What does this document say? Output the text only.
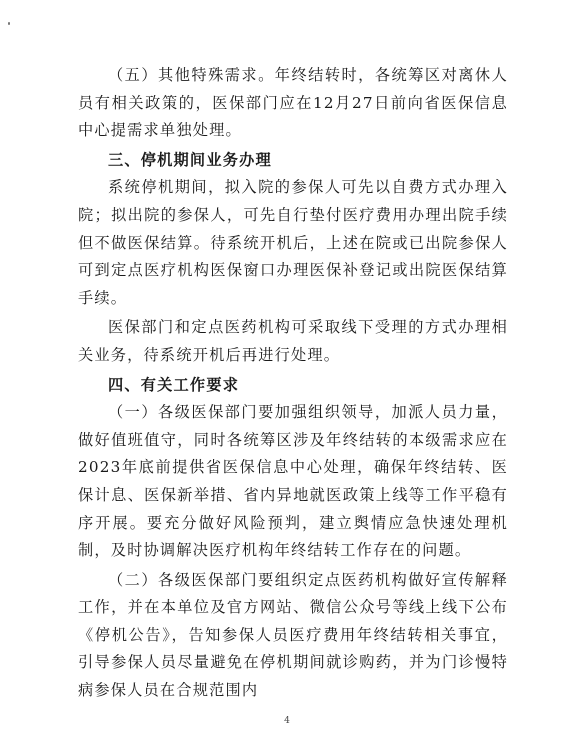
（五）其他特殊需求。年终结转时，各统筹区对离休人员有相关政策的，医保部门应在12月27日前向省医保信息中心提需求单独处理。

三、停机期间业务办理

系统停机期间，拟入院的参保人可先以自费方式办理入院；拟出院的参保人，可先自行垫付医疗费用办理出院手续但不做医保结算。待系统开机后，上述在院或已出院参保人可到定点医疗机构医保窗口办理医保补登记或出院医保结算手续。

医保部门和定点医药机构可采取线下受理的方式办理相关业务，待系统开机后再进行处理。

四、有关工作要求

（一）各级医保部门要加强组织领导，加派人员力量，做好值班值守，同时各统筹区涉及年终结转的本级需求应在2023年底前提供省医保信息中心处理，确保年终结转、医保计息、医保新举措、省内异地就医政策上线等工作平稳有序开展。要充分做好风险预判，建立舆情应急快速处理机制，及时协调解决医疗机构年终结转工作存在的问题。

（二）各级医保部门要组织定点医药机构做好宣传解释工作，并在本单位及官方网站、微信公众号等线上线下公布《停机公告》，告知参保人员医疗费用年终结转相关事宜，引导参保人员尽量避免在停机期间就诊购药，并为门诊慢特病参保人员在合规范围内

4
